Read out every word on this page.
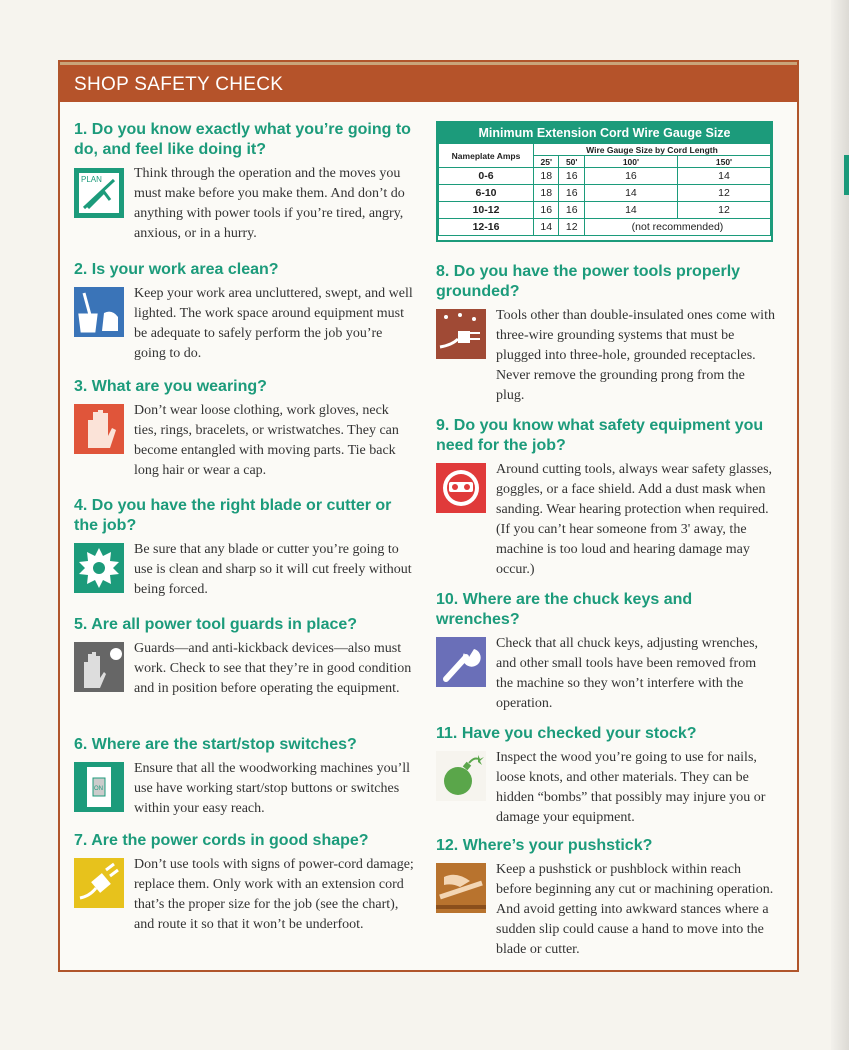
SHOP SAFETY CHECK
1. Do you know exactly what you’re going to do, and feel like doing it?
PLAN Think through the operation and the moves you must make before you make them. And don’t do anything with power tools if you’re tired, angry, anxious, or in a hurry.

2. Is your work area clean?

Keep your work area uncluttered, swept, and well lighted. The work space around equipment must be adequate to safely perform the job you’re going to do.

3. What are you wearing?

Don’t wear loose clothing, work gloves, neck ties, rings, bracelets, or wristwatches. They can become entangled with moving parts. Tie back long hair or wear a cap.

4. Do you have the right blade or cutter or the job?

Be sure that any blade or cutter you’re going to use is clean and sharp so it will cut freely without being forced.

5. Are all power tool guards in place?

Guards—and anti-kickback devices—also must work. Check to see that they’re in good condition and in position before operating the equipment.

6. Where are the start/stop switches?
ON

Ensure that all the woodworking machines you’ll use have working start/stop buttons or switches within your easy reach.

7. Are the power cords in good shape?

Don’t use tools with signs of power-cord damage; replace them. Only work with an extension cord that’s the proper size for the job (see the chart), and route it so that it won’t be underfoot.

Minimum Extension Cord Wire Gauge Size
Nameplate Amps	Wire Gauge Size by Cord Length			
	25'	50'	100'	150'
0-6	18	16	16	14
6-10	18	16	14	12
10-12	16	16	14	12
12-16	14	12	(not recommended)	
8. Do you have the power tools properly grounded?

Tools other than double-insulated ones come with three-wire grounding systems that must be plugged into three-hole, grounded receptacles. Never remove the grounding prong from the plug.

9. Do you know what safety equipment you need for the job?

Around cutting tools, always wear safety glasses, goggles, or a face shield. Add a dust mask when sanding. Wear hearing protection when required. (If you can’t hear someone from 3' away, the machine is too loud and hearing damage may occur.)

10. Where are the chuck keys and wrenches?

Check that all chuck keys, adjusting wrenches, and other small tools have been removed from the machine so they won’t interfere with the operation.

11. Have you checked your stock?

Inspect the wood you’re going to use for nails, loose knots, and other materials. They can be hidden “bombs” that possibly may injure you or damage your equipment.

12. Where’s your pushstick?

Keep a pushstick or pushblock within reach before beginning any cut or machining operation. And avoid getting into awkward stances where a sudden slip could cause a hand to move into the blade or cutter.
